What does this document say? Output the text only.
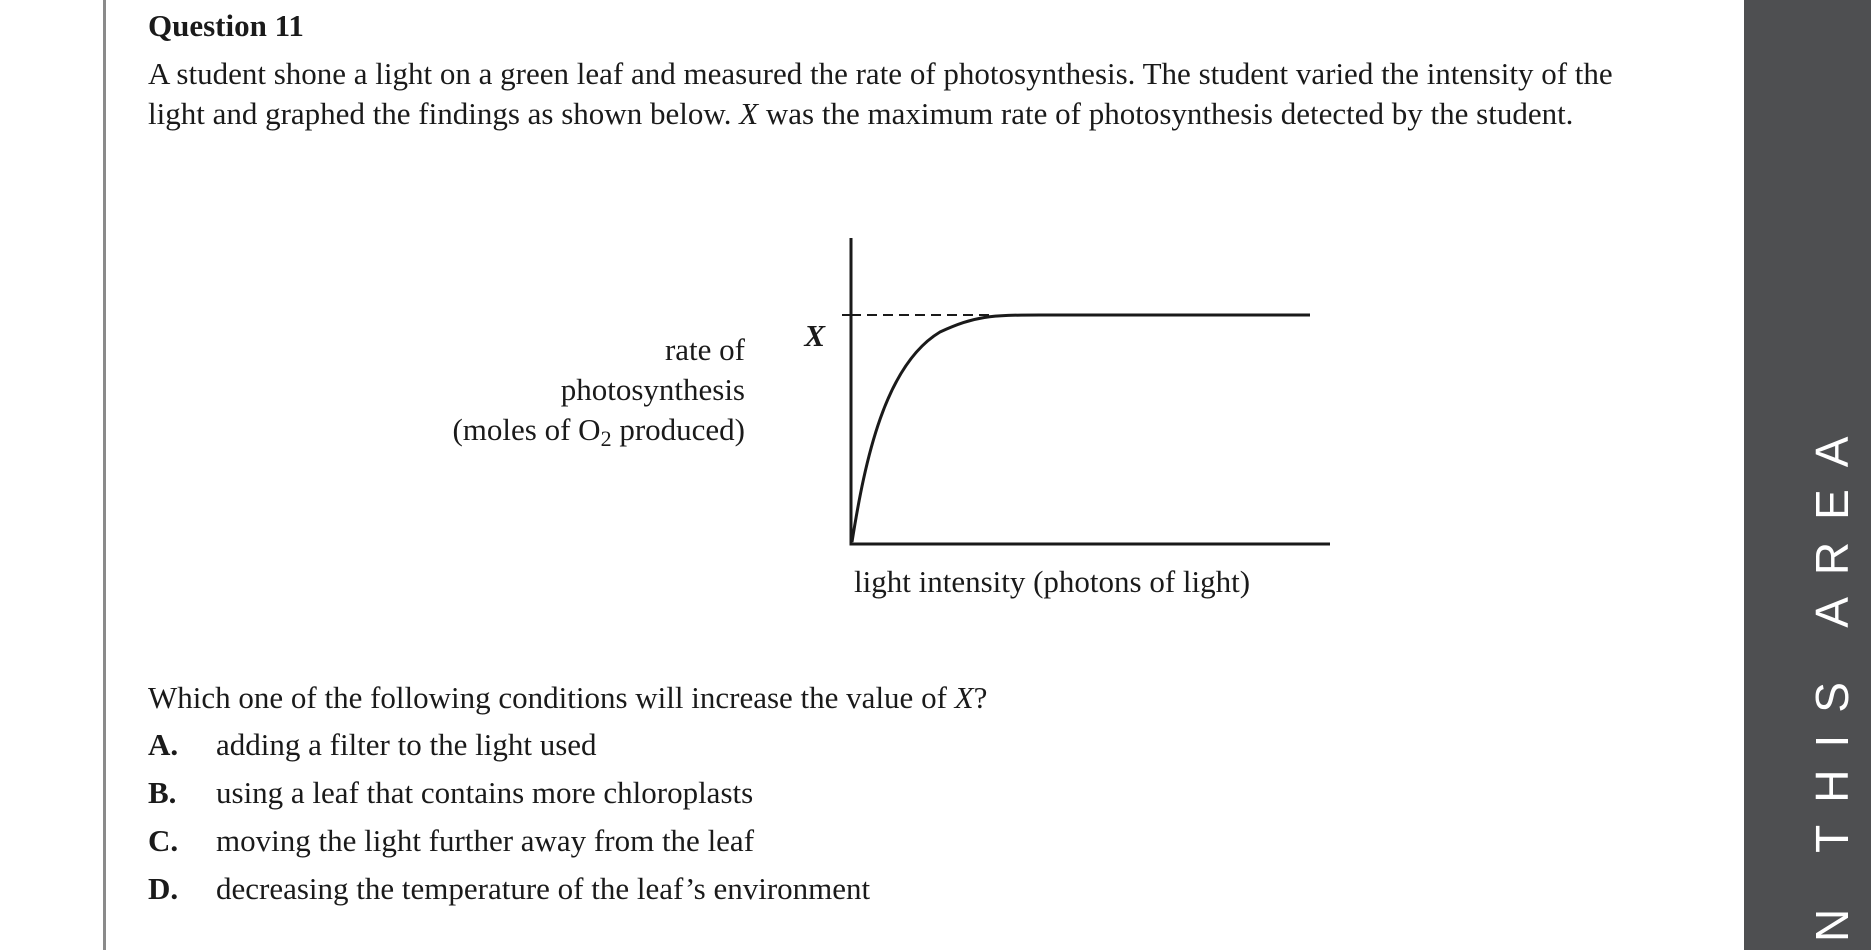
Question 11
A student shone a light on a green leaf and measured the rate of photosynthesis. The student varied the intensity of the light and graphed the findings as shown below. X was the maximum rate of photosynthesis detected by the student.
rate of
photosynthesis
(moles of $O_2$ produced)
X
light intensity (photons of light)
Which one of the following conditions will increase the value of X?
A. adding a filter to the light used
B. using a leaf that contains more chloroplasts
C. moving the light further away from the leaf
D. decreasing the temperature of the leaf’s environment	N THIS AREA
